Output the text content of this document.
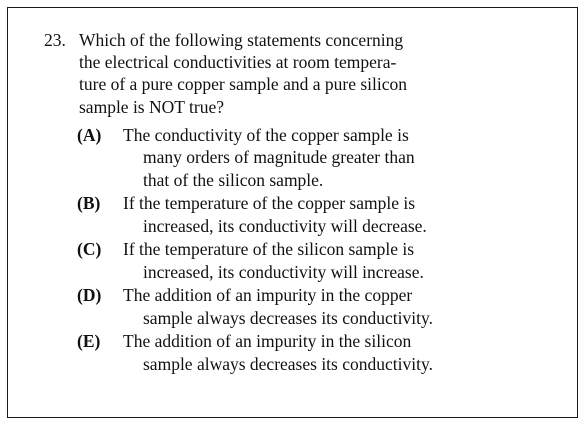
23. Which of the following statements concerning
the electrical conductivities at room tempera-
ture of a pure copper sample and a pure silicon
sample is NOT true?
(A)	The conductivity of the copper sample is
many orders of magnitude greater than
that of the silicon sample.
(B)	If the temperature of the copper sample is
increased, its conductivity will decrease.
(C)	If the temperature of the silicon sample is
increased, its conductivity will increase.
(D)	The addition of an impurity in the copper
sample always decreases its conductivity.
(E)	The addition of an impurity in the silicon
sample always decreases its conductivity.
